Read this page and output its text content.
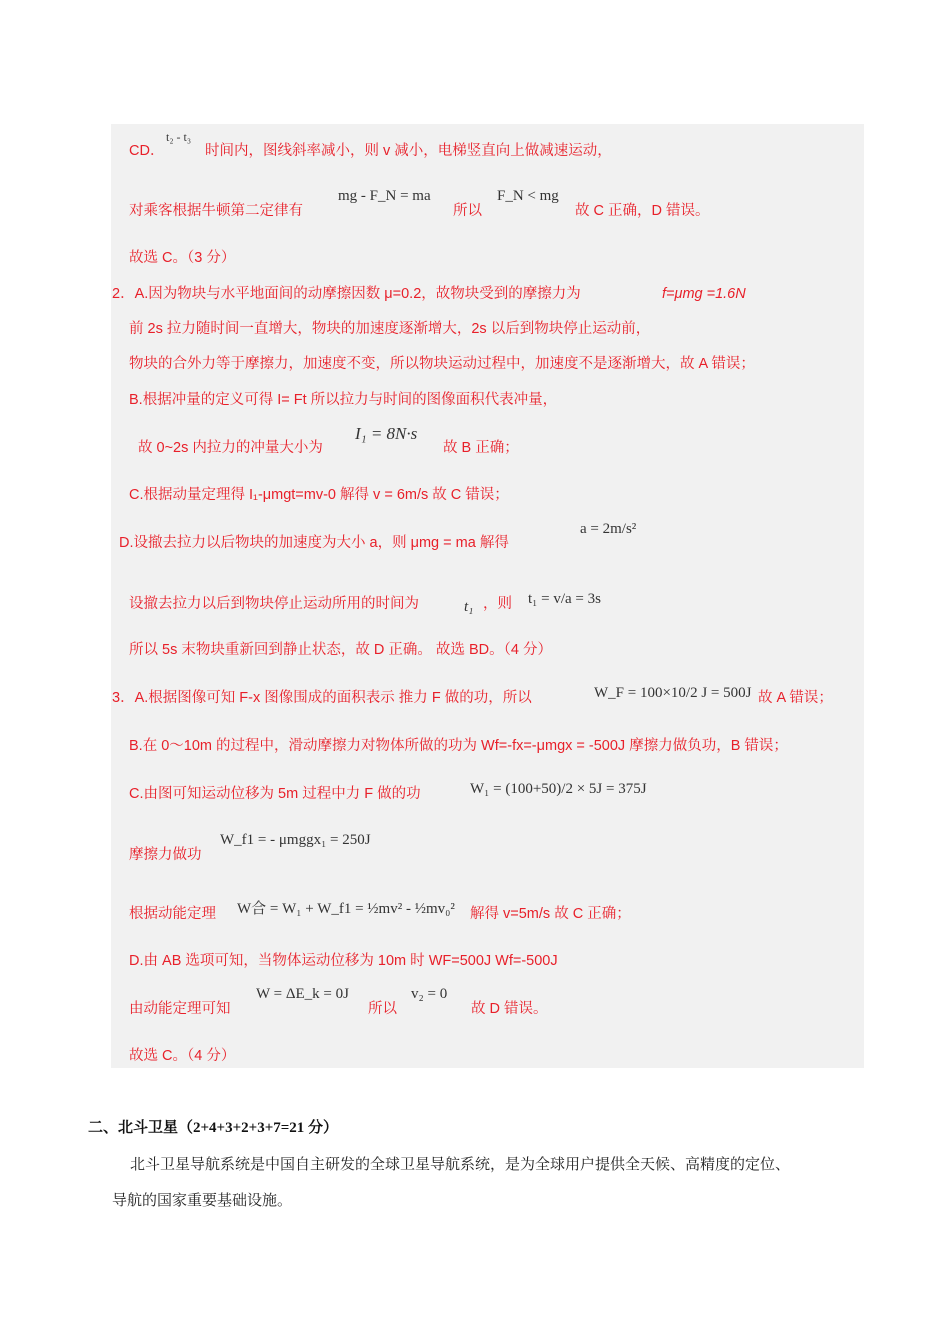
CD．
t₂ - t₃
时间内，图线斜率减小，则 v 减小，电梯竖直向上做减速运动，
对乘客根据牛顿第二定律有
mg - F_N = ma
所以
F_N < mg
故 C 正确，D 错误。
故选 C。（3 分）
2．A.因为物块与水平地面间的动摩擦因数 μ=0.2，故物块受到的摩擦力为	f=μmg =1.6N
前 2s 拉力随时间一直增大，物块的加速度逐渐增大，2s 以后到物块停止运动前，
物块的合外力等于摩擦力，加速度不变，所以物块运动过程中，加速度不是逐渐增大，故 A 错误；
B.根据冲量的定义可得 I= Ft 所以拉力与时间的图像面积代表冲量，
故 0~2s 内拉力的冲量大小为
I₁ = 8N·s
故 B 正确；
C.根据动量定理得 I₁-μmgt=mv-0 解得 v = 6m/s 故 C 错误；
D.设撤去拉力以后物块的加速度为大小 a，则 μmg = ma 解得
a = 2m/s²
设撤去拉力以后到物块停止运动所用的时间为	t₁ ，则 t₁ = v/a = 3s
所以 5s 末物块重新回到静止状态，故 D 正确。 故选 BD。（4 分）
3．A.根据图像可知 F-x 图像围成的面积表示 推力 F 做的功，所以	W_F = 100×10/2 J = 500J 故 A 错误；
B.在 0～10m 的过程中，滑动摩擦力对物体所做的功为 Wf=-fx=-μmgx = -500J 摩擦力做负功，B 错误；
C.由图可知运动位移为 5m 过程中力 F 做的功	W₁ = (100+50)/2 × 5J = 375J
W_f1 = - μmggx₁ = 250J
摩擦力做功
根据动能定理 W合 = W₁ + W_f1 = ½mv² - ½mv₀² 解得 v=5m/s 故 C 正确；
D.由 AB 选项可知，当物体运动位移为 10m 时 WF=500J Wf=-500J
由动能定理可知
W = ΔE_k = 0J
所以
v₂ = 0
故 D 错误。
故选 C。（4 分）
二、北斗卫星（2+4+3+2+3+7=21 分）
北斗卫星导航系统是中国自主研发的全球卫星导航系统，是为全球用户提供全天候、高精度的定位、
导航的国家重要基础设施。
